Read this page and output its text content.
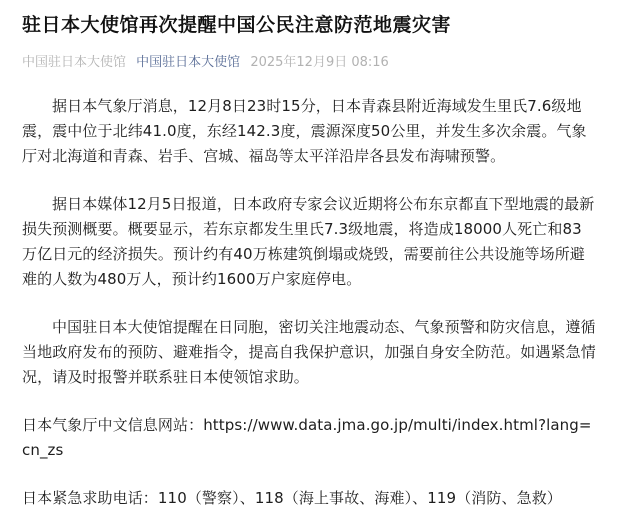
驻日本大使馆再次提醒中国公民注意防范地震灾害
中国驻日本大使馆 中国驻日本大使馆 2025年12月9日 08:16

据日本气象厅消息，12月8日23时15分，日本青森县附近海域发生里氏7.6级地震，震中位于北纬41.0度，东经142.3度，震源深度50公里，并发生多次余震。气象厅对北海道和青森、岩手、宫城、福岛等太平洋沿岸各县发布海啸预警。

据日本媒体12月5日报道，日本政府专家会议近期将公布东京都直下型地震的最新损失预测概要。概要显示，若东京都发生里氏7.3级地震，将造成18000人死亡和83万亿日元的经济损失。预计约有40万栋建筑倒塌或烧毁，需要前往公共设施等场所避难的人数为480万人，预计约1600万户家庭停电。

中国驻日本大使馆提醒在日同胞，密切关注地震动态、气象预警和防灾信息，遵循当地政府发布的预防、避难指令，提高自我保护意识，加强自身安全防范。如遇紧急情况，请及时报警并联系驻日本使领馆求助。

日本气象厅中文信息网站：https://www.data.jma.go.jp/multi/index.html?lang=cn_zs

日本紧急求助电话：110（警察）、118（海上事故、海难）、119（消防、急救）
